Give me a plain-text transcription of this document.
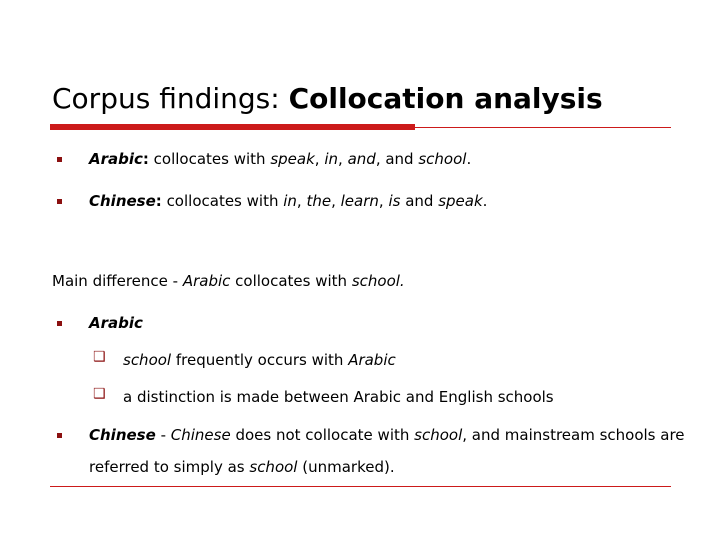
Corpus findings: Collocation analysis
Arabic: collocates with speak, in, and, and school.
Chinese: collocates with in, the, learn, is and speak.
Main difference - Arabic collocates with school.
Arabic
❑ school frequently occurs with Arabic
❑ a distinction is made between Arabic and English schools
Chinese - Chinese does not collocate with school, and mainstream schools are
referred to simply as school (unmarked).
